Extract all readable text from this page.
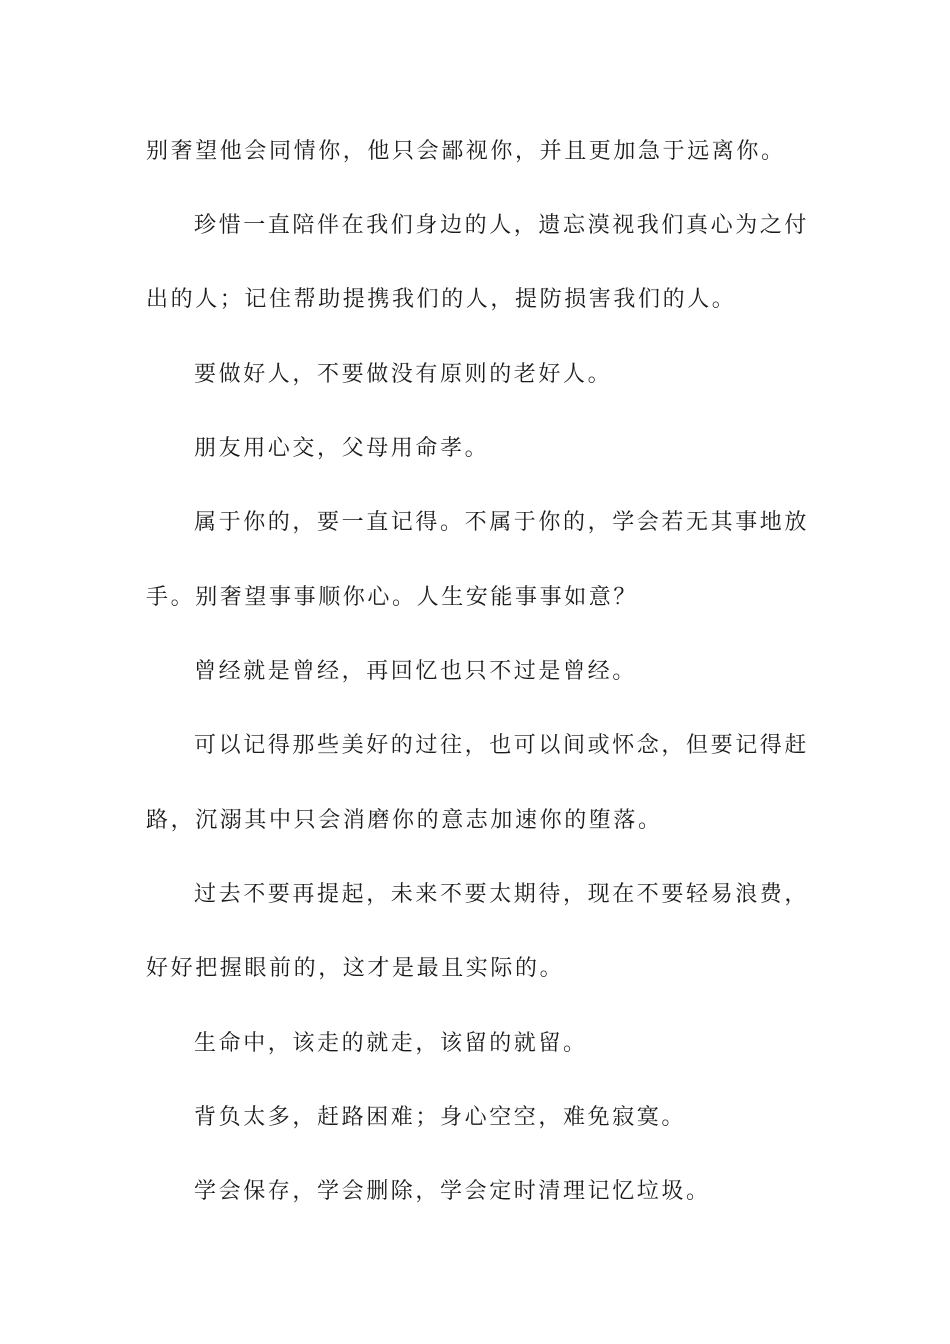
别奢望他会同情你，他只会鄙视你，并且更加急于远离你。

珍惜一直陪伴在我们身边的人，遗忘漠视我们真心为之付

出的人；记住帮助提携我们的人，提防损害我们的人。

要做好人，不要做没有原则的老好人。

朋友用心交，父母用命孝。

属于你的，要一直记得。不属于你的，学会若无其事地放

手。别奢望事事顺你心。人生安能事事如意？

曾经就是曾经，再回忆也只不过是曾经。

可以记得那些美好的过往，也可以间或怀念，但要记得赶

路，沉溺其中只会消磨你的意志加速你的堕落。

过去不要再提起，未来不要太期待，现在不要轻易浪费，

好好把握眼前的，这才是最且实际的。

生命中，该走的就走，该留的就留。

背负太多，赶路困难；身心空空，难免寂寞。

学会保存，学会删除，学会定时清理记忆垃圾。
